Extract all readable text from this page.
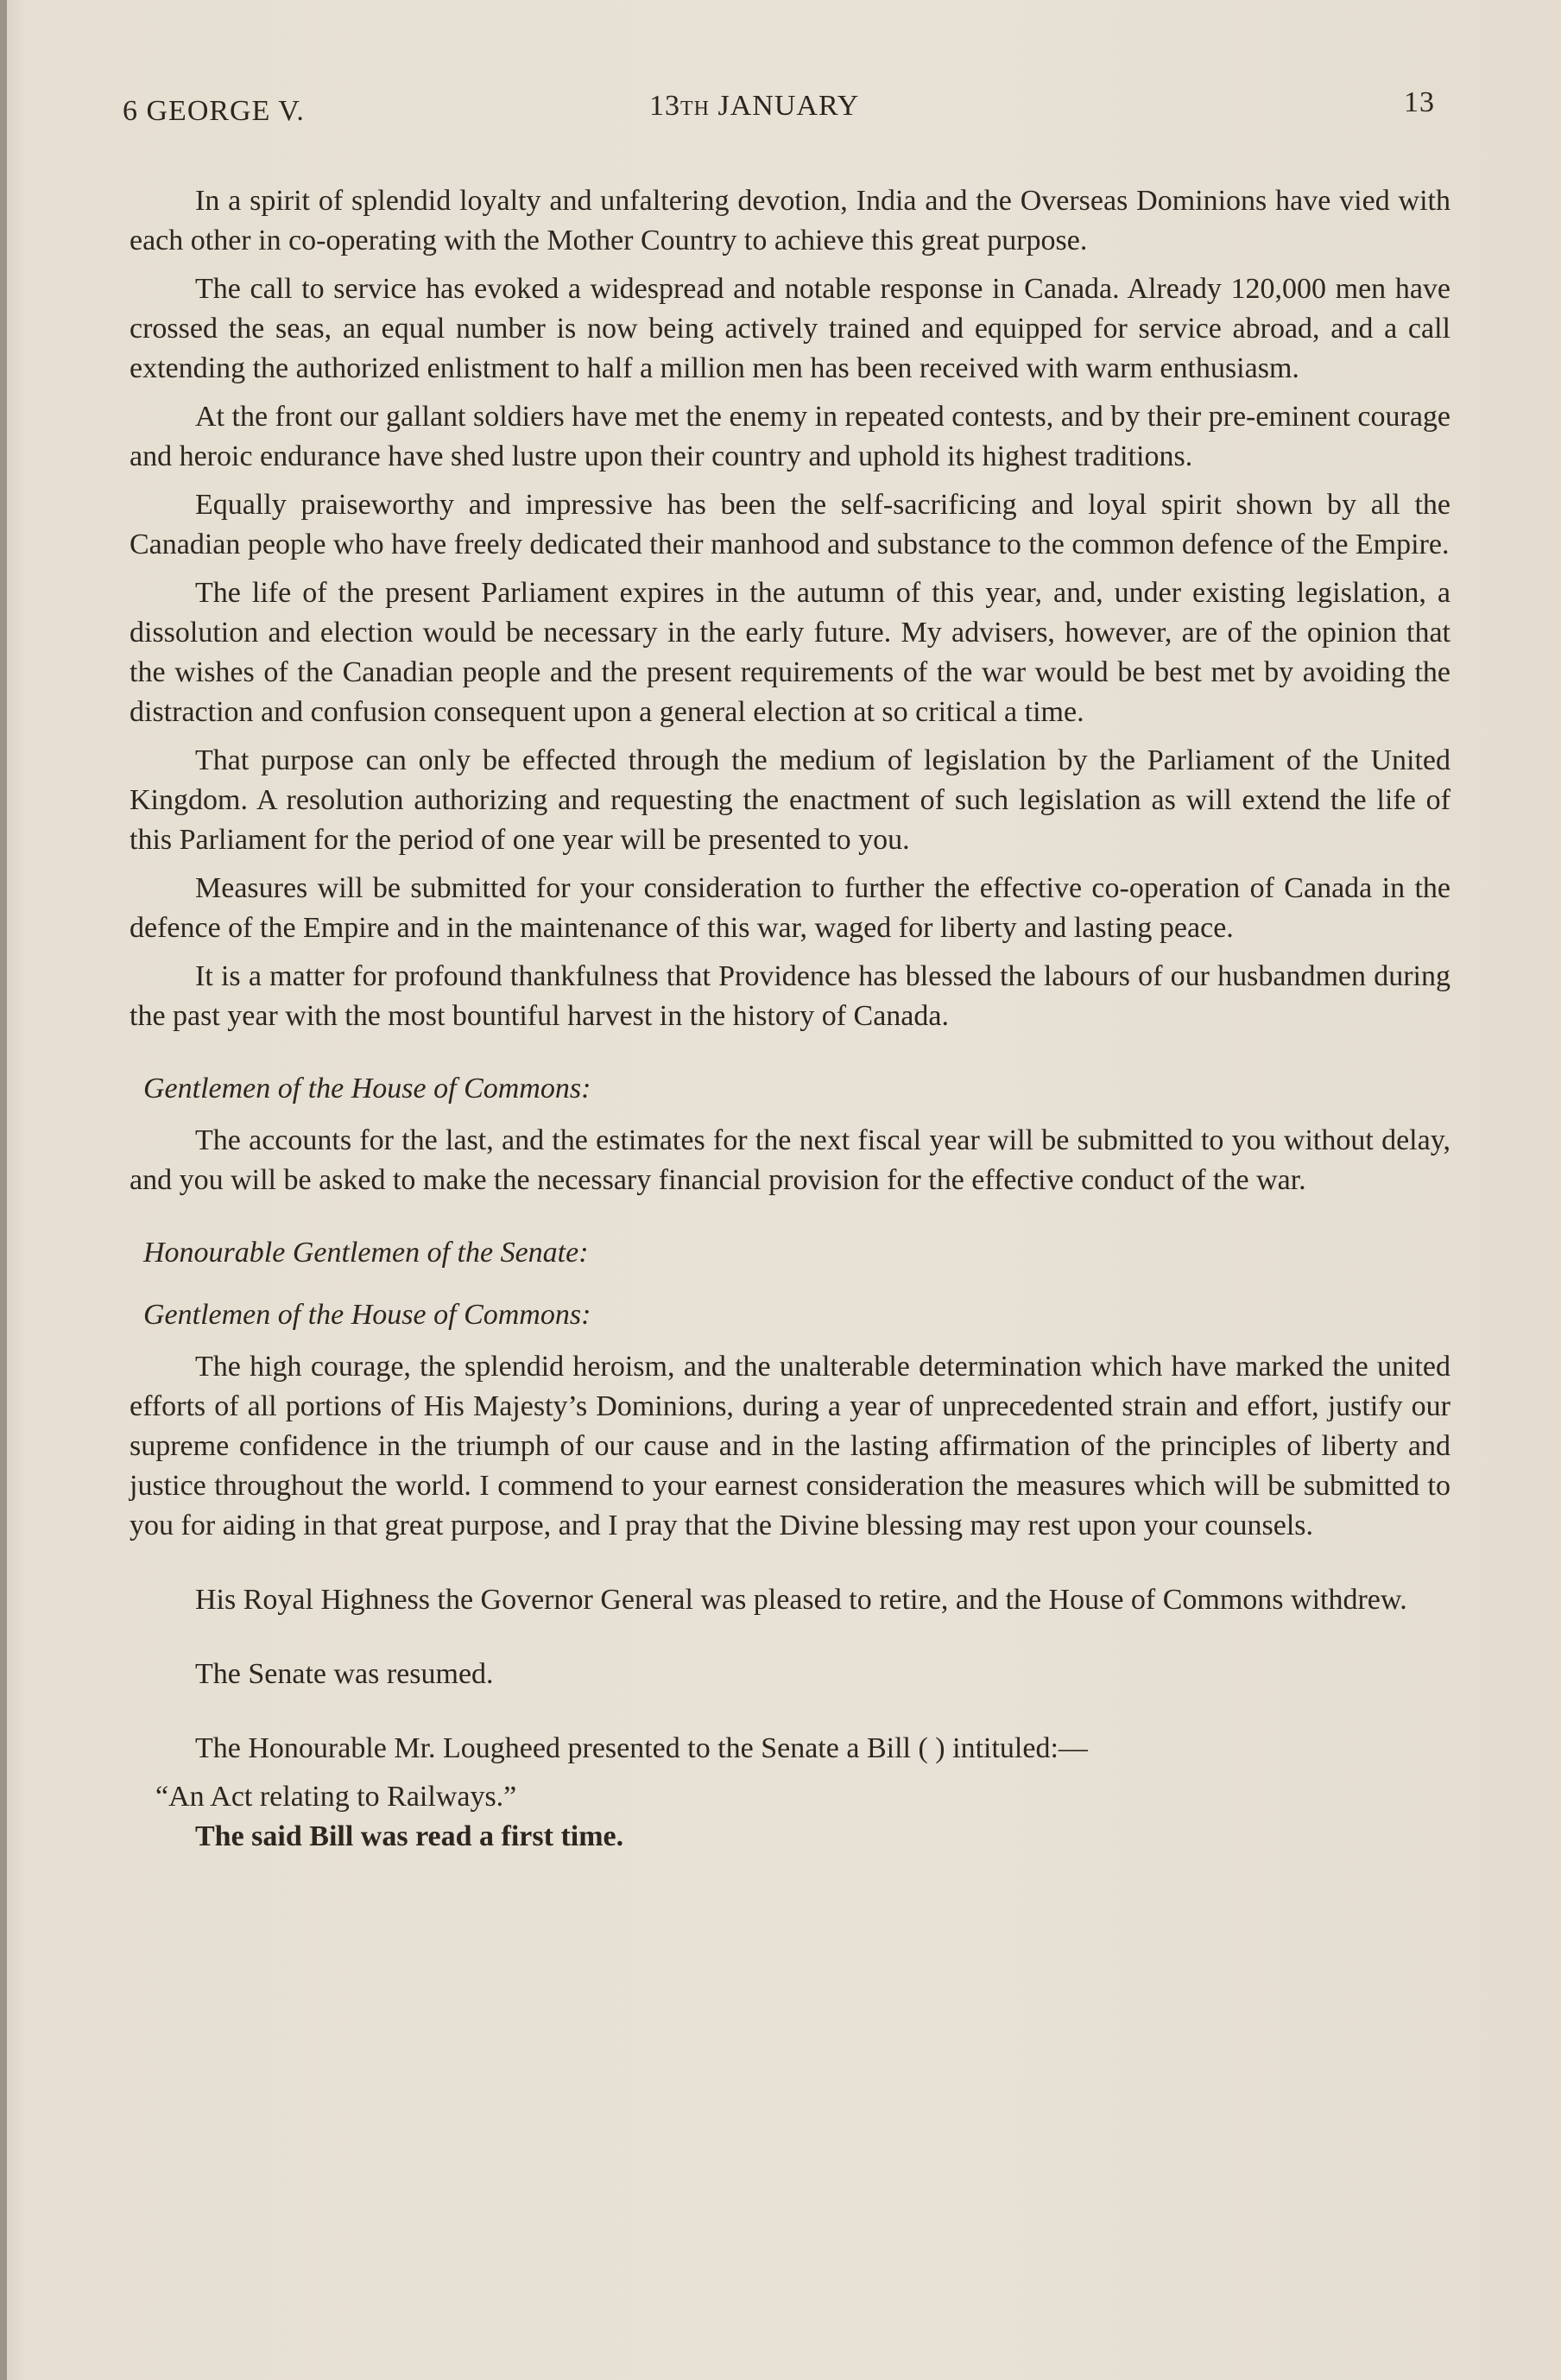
6 GEORGE V.	13TH JANUARY	13

In a spirit of splendid loyalty and unfaltering devotion, India and the Overseas Dominions have vied with each other in co-operating with the Mother Country to achieve this great purpose.

The call to service has evoked a widespread and notable response in Canada. Already 120,000 men have crossed the seas, an equal number is now being actively trained and equipped for service abroad, and a call extending the authorized enlistment to half a million men has been received with warm enthusiasm.

At the front our gallant soldiers have met the enemy in repeated contests, and by their pre-eminent courage and heroic endurance have shed lustre upon their country and uphold its highest traditions.

Equally praiseworthy and impressive has been the self-sacrificing and loyal spirit shown by all the Canadian people who have freely dedicated their manhood and substance to the common defence of the Empire.

The life of the present Parliament expires in the autumn of this year, and, under existing legislation, a dissolution and election would be necessary in the early future. My advisers, however, are of the opinion that the wishes of the Canadian people and the present requirements of the war would be best met by avoiding the distraction and confusion consequent upon a general election at so critical a time.

That purpose can only be effected through the medium of legislation by the Parliament of the United Kingdom. A resolution authorizing and requesting the enactment of such legislation as will extend the life of this Parliament for the period of one year will be presented to you.

Measures will be submitted for your consideration to further the effective co-operation of Canada in the defence of the Empire and in the maintenance of this war, waged for liberty and lasting peace.

It is a matter for profound thankfulness that Providence has blessed the labours of our husbandmen during the past year with the most bountiful harvest in the history of Canada.

Gentlemen of the House of Commons:

The accounts for the last, and the estimates for the next fiscal year will be submitted to you without delay, and you will be asked to make the necessary financial provision for the effective conduct of the war.

Honourable Gentlemen of the Senate:
Gentlemen of the House of Commons:

The high courage, the splendid heroism, and the unalterable determination which have marked the united efforts of all portions of His Majesty’s Dominions, during a year of unprecedented strain and effort, justify our supreme confidence in the triumph of our cause and in the lasting affirmation of the principles of liberty and justice throughout the world. I commend to your earnest consideration the measures which will be submitted to you for aiding in that great purpose, and I pray that the Divine blessing may rest upon your counsels.

His Royal Highness the Governor General was pleased to retire, and the House of Commons withdrew.

The Senate was resumed.

The Honourable Mr. Lougheed presented to the Senate a Bill ( ) intituled:—

“An Act relating to Railways.”

The said Bill was read a first time.
